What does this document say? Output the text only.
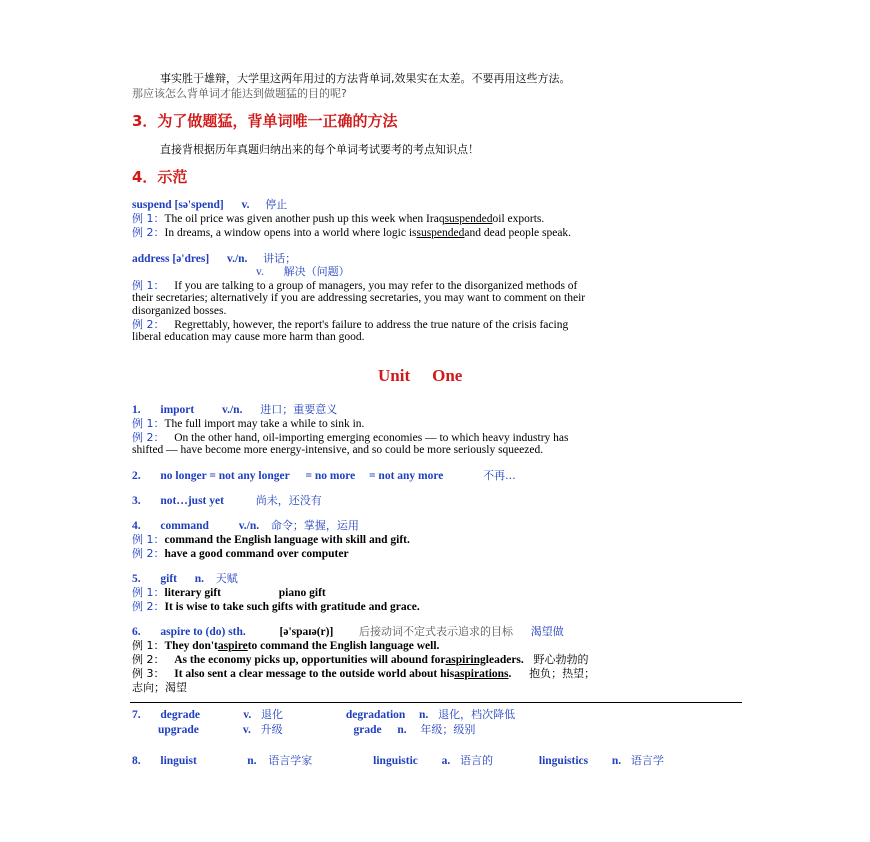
事实胜于雄辩，大学里这两年用过的方法背单词,效果实在太差。不要再用这些方法。
那应该怎么背单词才能达到做题猛的目的呢?
3．为了做题猛，背单词唯一正确的方法
直接背根据历年真题归纳出来的每个单词考试要考的考点知识点！
4．示范
suspend [sə'spend] v. 停止
例 1：The oil price was given another push up this week when Iraqsuspendedoil exports.
例 2：In dreams, a window opens into a world where logic issuspendedand dead people speak.
address [ə'dres] v./n. 讲话；
v. 解决（问题）
例 1： If you are talking to a group of managers, you may refer to the disorganized methods of
their secretaries; alternatively if you are addressing secretaries, you may want to comment on their
disorganized bosses.
例 2： Regrettably, however, the report's failure to address the true nature of the crisis facing
liberal education may cause more harm than good.
Unit One
1. import v./n. 进口；重要意义
例 1：The full import may take a while to sink in.
例 2： On the other hand, oil-importing emerging economies — to which heavy industry has
shifted — have become more energy-intensive, and so could be more seriously squeezed.
2. no longer = not any longer = no more = not any more	不再...
3. not…just yet	尚未，还没有
4. command	v./n. 命令；掌握，运用
例 1：command the English language with skill and gift.
例 2：have a good command over computer
5. gift n. 天赋
例 1：literary gift	piano gift
例 2：It is wise to take such gifts with gratitude and grace.
6. aspire to (do) sth.	[ə'spaɪə(r)] 后接动词不定式表示追求的目标 渴望做
例 1：They don'taspireto command the English language well.
例 2： As the economy picks up, opportunities will abound foraspiringleaders. 野心勃勃的
例 3： It also sent a clear message to the outside world about hisaspirations. 抱负；热望；
志向；渴望
7. degrade	v. 退化	degradation n. 退化，档次降低
upgrade	v. 升级	grade n. 年级；级别
8. linguist	n. 语言学家	linguistic a. 语言的	linguistics n. 语言学
